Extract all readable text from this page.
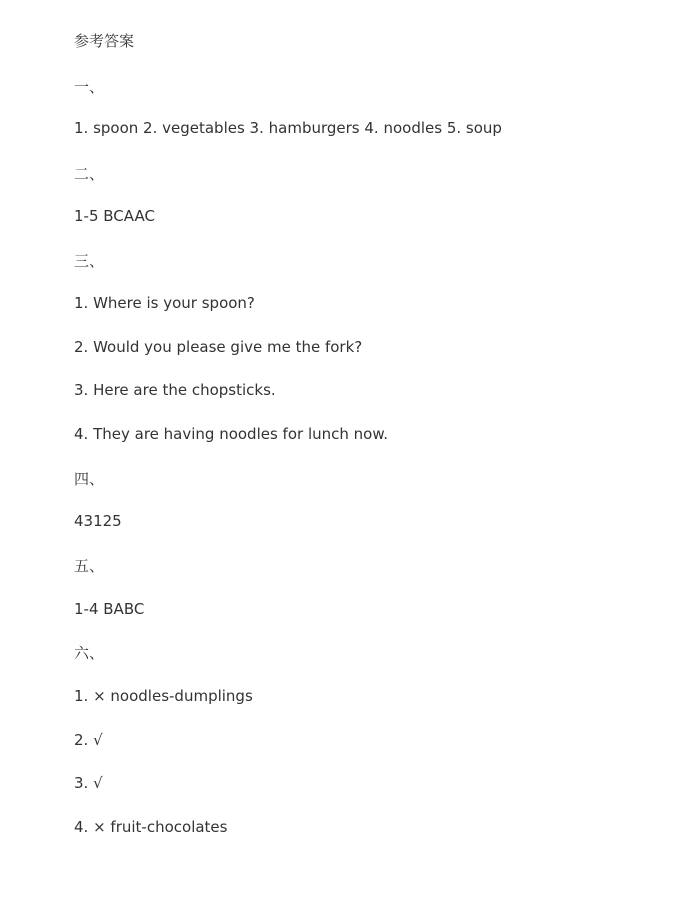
参考答案
一、
1. spoon 2. vegetables 3. hamburgers 4. noodles 5. soup
二、
1-5 BCAAC
三、
1. Where is your spoon?
2. Would you please give me the fork?
3. Here are the chopsticks.
4. They are having noodles for lunch now.
四、
43125
五、
1-4 BABC
六、
1. × noodles-dumplings
2. √
3. √
4. × fruit-chocolates
